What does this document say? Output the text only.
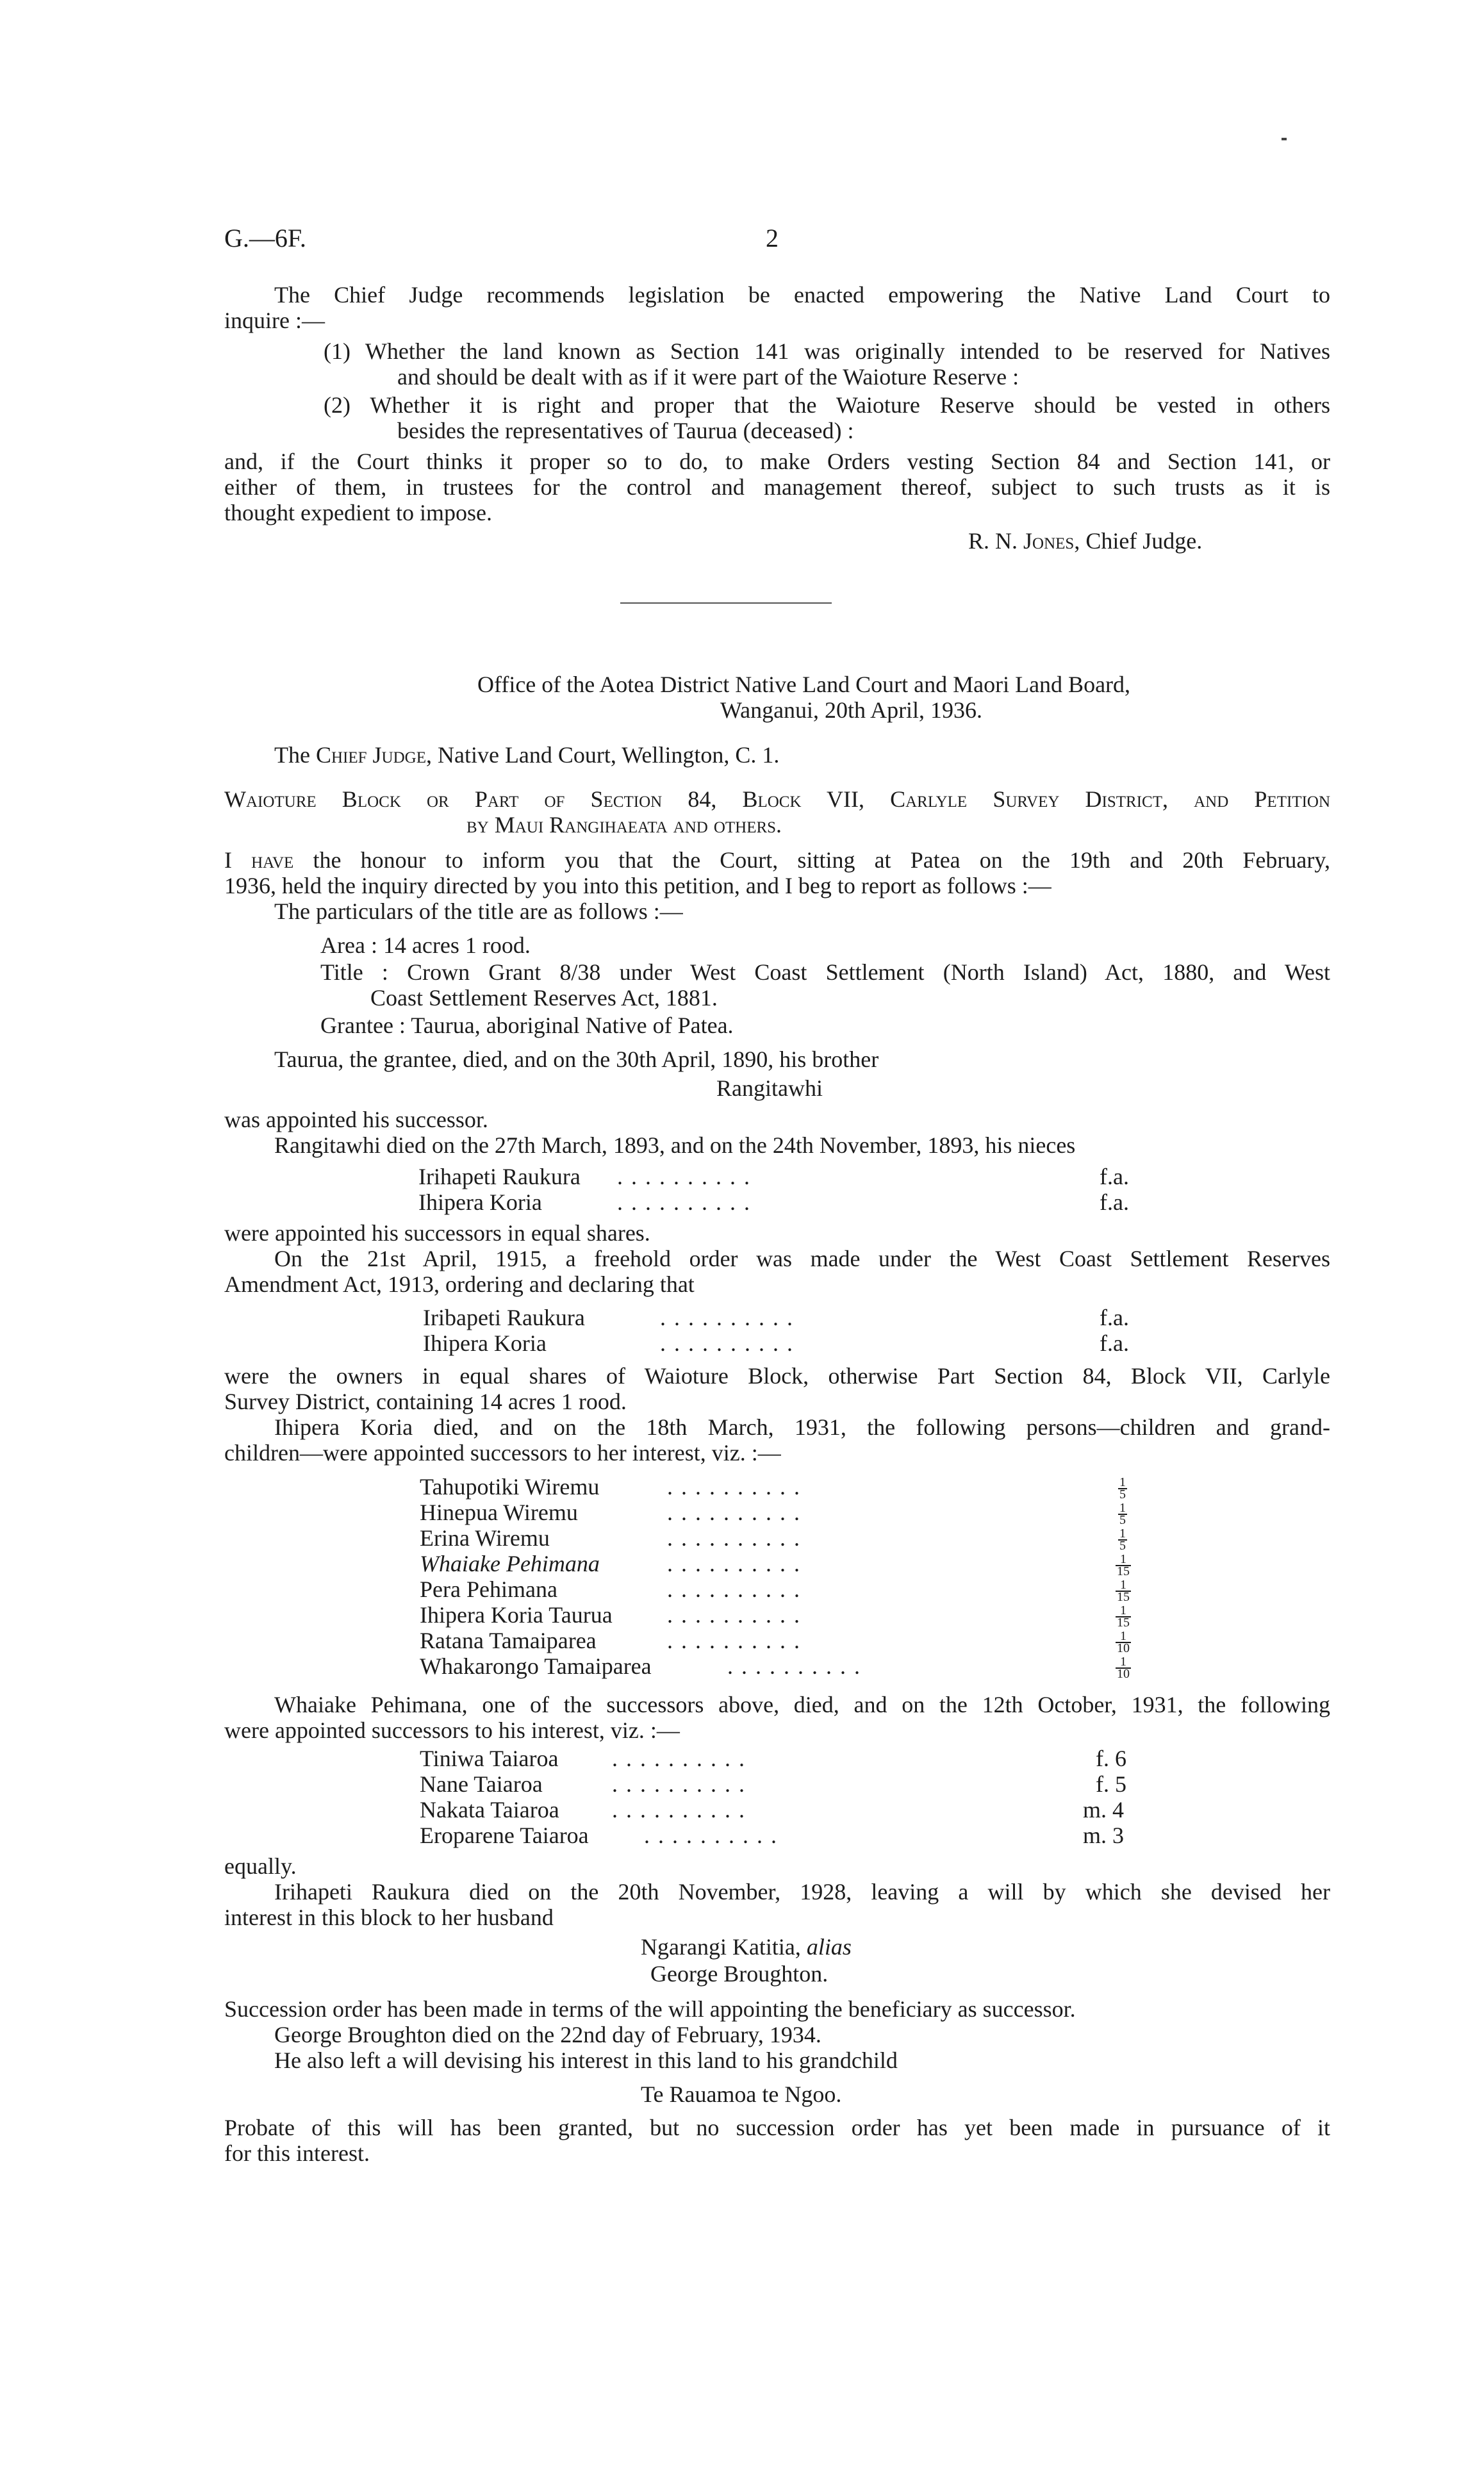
G.—6F.	2
The Chief Judge recommends legislation be enacted empowering the Native Land Court to
inquire :—
(1) Whether the land known as Section 141 was originally intended to be reserved for Natives
and should be dealt with as if it were part of the Waioture Reserve :
(2) Whether it is right and proper that the Waioture Reserve should be vested in others
besides the representatives of Taurua (deceased) :
and, if the Court thinks it proper so to do, to make Orders vesting Section 84 and Section 141, or
either of them, in trustees for the control and management thereof, subject to such trusts as it is
thought expedient to impose.
R. N. Jones, Chief Judge.
Office of the Aotea District Native Land Court and Maori Land Board,
Wanganui, 20th April, 1936.
The Chief Judge, Native Land Court, Wellington, C. 1.
Waioture Block or Part of Section 84, Block VII, Carlyle Survey District, and Petition
by Maui Rangihaeata and others.
I have the honour to inform you that the Court, sitting at Patea on the 19th and 20th February,
1936, held the inquiry directed by you into this petition, and I beg to report as follows :—
The particulars of the title are as follows :—
Area : 14 acres 1 rood.
Title : Crown Grant 8/38 under West Coast Settlement (North Island) Act, 1880, and West
Coast Settlement Reserves Act, 1881.
Grantee : Taurua, aboriginal Native of Patea.
Taurua, the grantee, died, and on the 30th April, 1890, his brother
Rangitawhi
was appointed his successor.
Rangitawhi died on the 27th March, 1893, and on the 24th November, 1893, his nieces
Irihapeti Raukura . . . . . . . . . .	f.a.
Ihipera Koria	. . . . . . . . . .	f.a.
were appointed his successors in equal shares.
On the 21st April, 1915, a freehold order was made under the West Coast Settlement Reserves
Amendment Act, 1913, ordering and declaring that
Iribapeti Raukura	. . . . . . . . . .	f.a.
Ihipera Koria	. . . . . . . . . .	f.a.
were the owners in equal shares of Waioture Block, otherwise Part Section 84, Block VII, Carlyle
Survey District, containing 14 acres 1 rood.
Ihipera Koria died, and on the 18th March, 1931, the following persons—children and grand-
children—were appointed successors to her interest, viz. :—
Tahupotiki Wiremu	. . . . . . . . . .	$\frac{1}{5}$
Hinepua Wiremu	. . . . . . . . . .	$\frac{1}{5}$
Erina Wiremu	. . . . . . . . . .	$\frac{1}{5}$
Whaiake Pehimana	. . . . . . . . . .	$\frac{1}{15}$
Pera Pehimana	. . . . . . . . . .	$\frac{1}{15}$
Ihipera Koria Taurua . . . . . . . . . .	$\frac{1}{15}$
Ratana Tamaiparea	. . . . . . . . . .	$\frac{1}{10}$
Whakarongo Tamaiparea	. . . . . . . . . .	$\frac{1}{10}$
Whaiake Pehimana, one of the successors above, died, and on the 12th October, 1931, the following
were appointed successors to his interest, viz. :—
Tiniwa Taiaroa . . . . . . . . . .	f. 6
Nane Taiaroa	. . . . . . . . . .	f. 5
Nakata Taiaroa . . . . . . . . . .	m. 4
Eroparene Taiaroa . . . . . . . . . .	m. 3
equally.
Irihapeti Raukura died on the 20th November, 1928, leaving a will by which she devised her
interest in this block to her husband
Ngarangi Katitia, alias
George Broughton.
Succession order has been made in terms of the will appointing the beneficiary as successor.
George Broughton died on the 22nd day of February, 1934.
He also left a will devising his interest in this land to his grandchild
Te Rauamoa te Ngoo.
Probate of this will has been granted, but no succession order has yet been made in pursuance of it
for this interest.
